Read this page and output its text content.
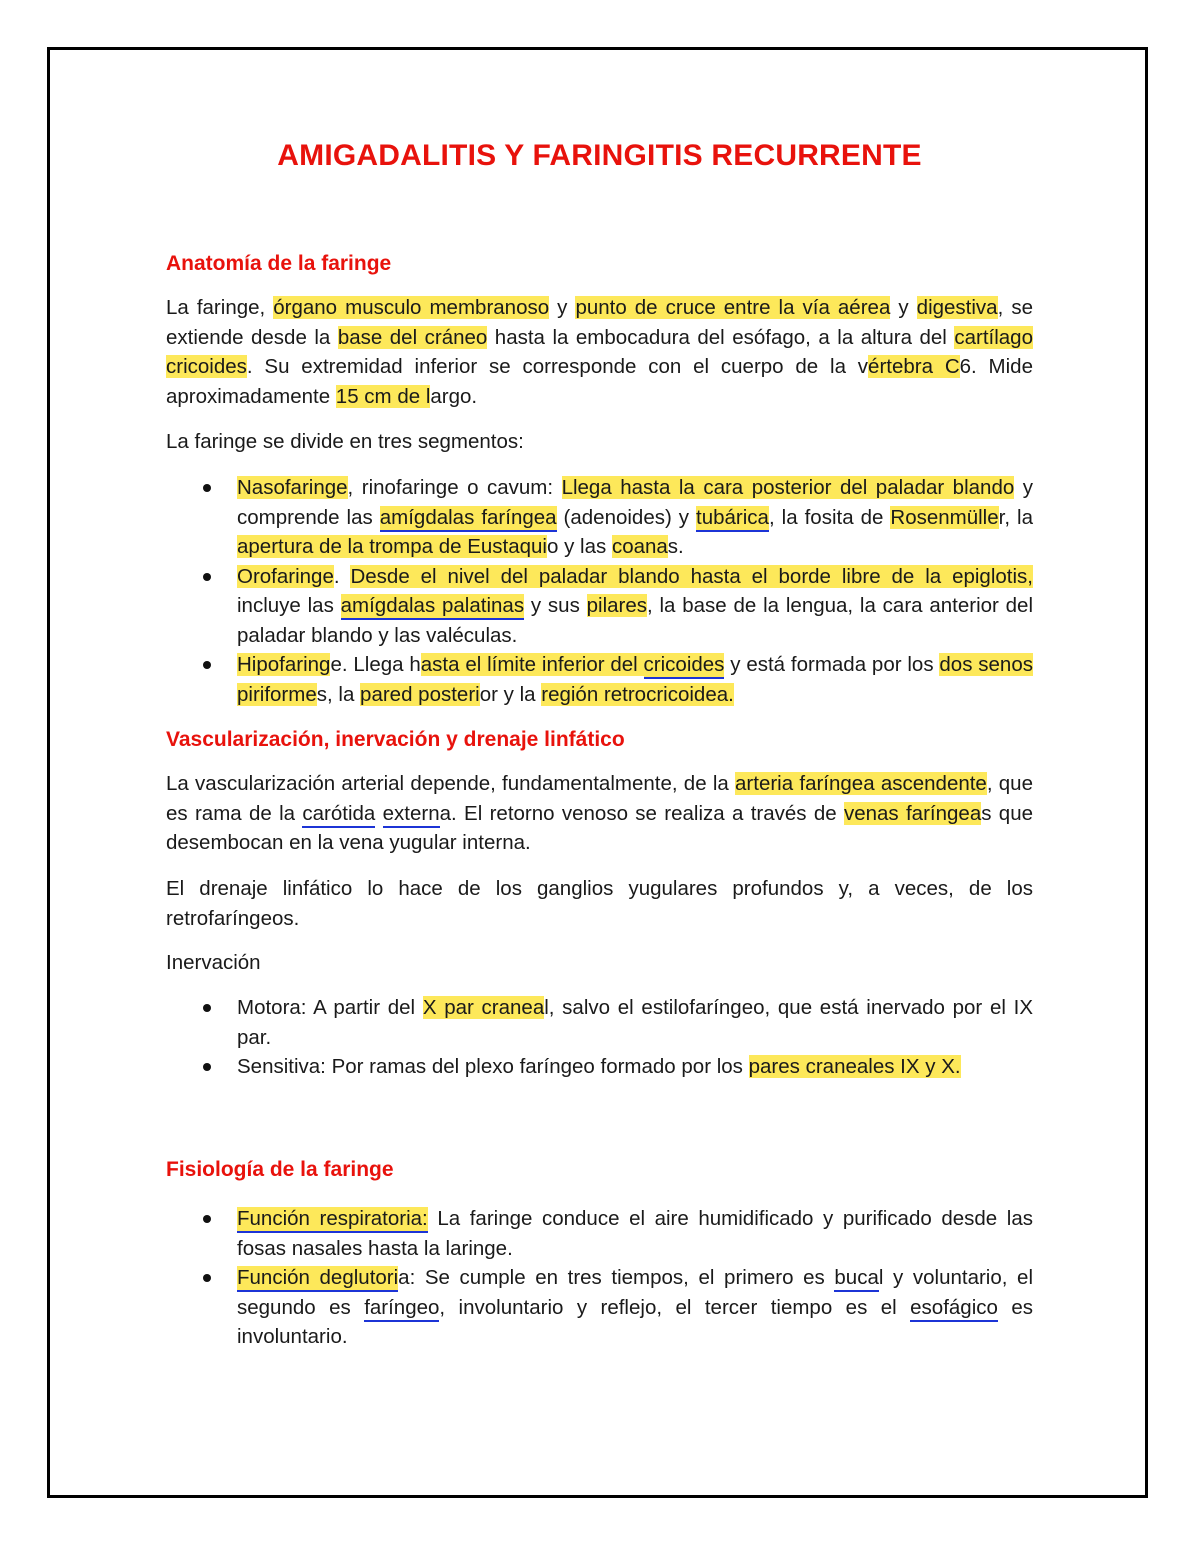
AMIGADALITIS Y FARINGITIS RECURRENTE
Anatomía de la faringe

La faringe, órgano musculo membranoso y punto de cruce entre la vía aérea y digestiva, se extiende desde la base del cráneo hasta la embocadura del esófago, a la altura del cartílago cricoides. Su extremidad inferior se corresponde con el cuerpo de la vértebra C6. Mide aproximadamente 15 cm de largo.

La faringe se divide en tres segmentos:

Nasofaringe, rinofaringe o cavum: Llega hasta la cara posterior del paladar blando y comprende las amígdalas faríngea (adenoides) y tubárica, la fosita de Rosenmüller, la apertura de la trompa de Eustaquio y las coanas.
Orofaringe. Desde el nivel del paladar blando hasta el borde libre de la epiglotis, incluye las amígdalas palatinas y sus pilares, la base de la lengua, la cara anterior del paladar blando y las valéculas.
Hipofaringe. Llega hasta el límite inferior del cricoides y está formada por los dos senos piriformes, la pared posterior y la región retrocricoidea.
Vascularización, inervación y drenaje linfático

La vascularización arterial depende, fundamentalmente, de la arteria faríngea ascendente, que es rama de la carótida externa. El retorno venoso se realiza a través de venas faríngeas que desembocan en la vena yugular interna.

El drenaje linfático lo hace de los ganglios yugulares profundos y, a veces, de los retrofaríngeos.

Inervación

Motora: A partir del X par craneal, salvo el estilofaríngeo, que está inervado por el IX par.
Sensitiva: Por ramas del plexo faríngeo formado por los pares craneales IX y X.
Fisiología de la faringe
Función respiratoria: La faringe conduce el aire humidificado y purificado desde las fosas nasales hasta la laringe.
Función deglutoria: Se cumple en tres tiempos, el primero es bucal y voluntario, el segundo es faríngeo, involuntario y reflejo, el tercer tiempo es el esofágico es involuntario.
